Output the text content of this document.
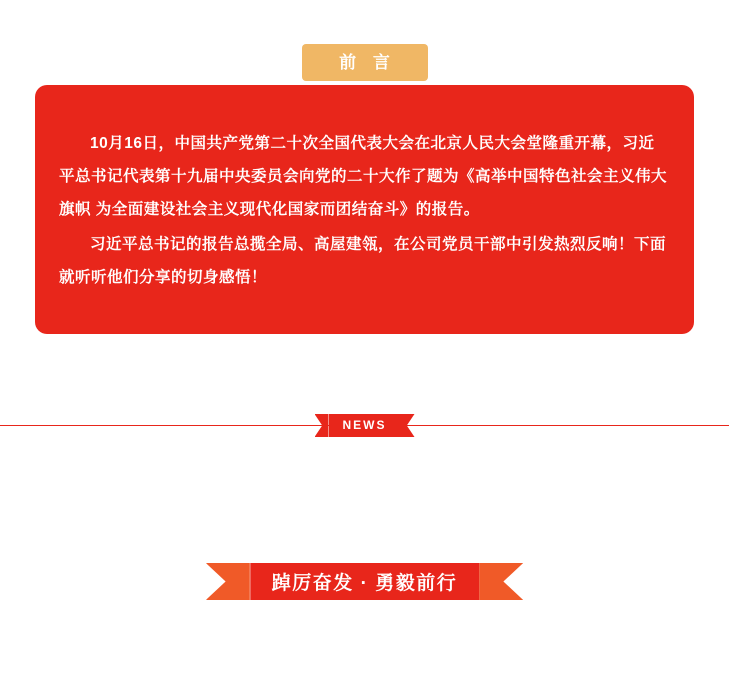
前 言

10月16日，中国共产党第二十次全国代表大会在北京人民大会堂隆重开幕，习近平总书记代表第十九届中央委员会向党的二十大作了题为《高举中国特色社会主义伟大旗帜 为全面建设社会主义现代化国家而团结奋斗》的报告。

习近平总书记的报告总揽全局、高屋建瓴，在公司党员干部中引发热烈反响！下面就听听他们分享的切身感悟！

NEWS
踔厉奋发 · 勇毅前行
